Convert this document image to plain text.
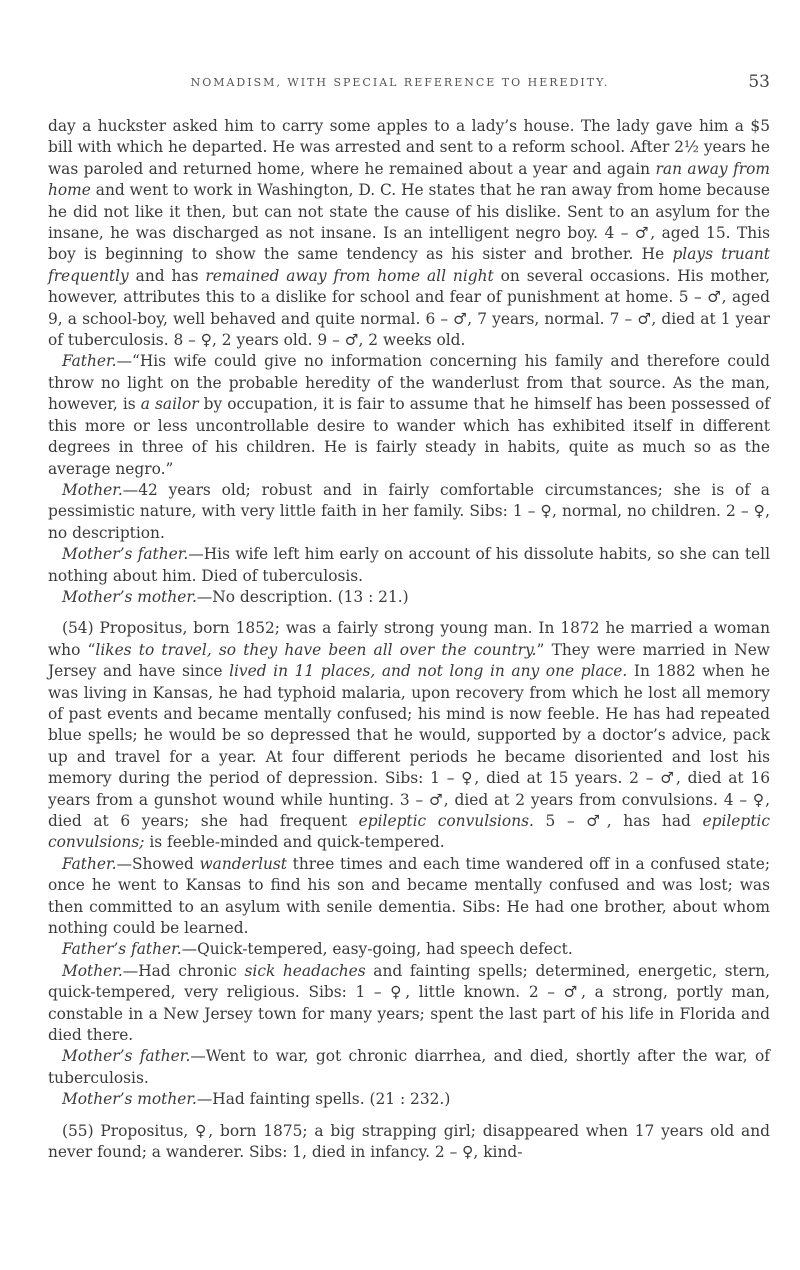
NOMADISM, WITH SPECIAL REFERENCE TO HEREDITY.	53

day a huckster asked him to carry some apples to a lady’s house. The lady gave him a $5 bill with which he departed. He was arrested and sent to a reform school. After 2½ years he was paroled and returned home, where he remained about a year and again ran away from home and went to work in Washington, D. C. He states that he ran away from home because he did not like it then, but can not state the cause of his dislike. Sent to an asylum for the insane, he was discharged as not insane. Is an intelligent negro boy. 4 – ♂, aged 15. This boy is beginning to show the same tendency as his sister and brother. He plays truant frequently and has remained away from home all night on several occasions. His mother, however, attributes this to a dislike for school and fear of punishment at home. 5 – ♂, aged 9, a school-boy, well behaved and quite normal. 6 – ♂, 7 years, normal. 7 – ♂, died at 1 year of tuberculosis. 8 – ♀, 2 years old. 9 – ♂, 2 weeks old.

Father.—“His wife could give no information concerning his family and therefore could throw no light on the probable heredity of the wanderlust from that source. As the man, however, is a sailor by occupation, it is fair to assume that he himself has been possessed of this more or less uncontrollable desire to wander which has exhibited itself in different degrees in three of his children. He is fairly steady in habits, quite as much so as the average negro.”

Mother.—42 years old; robust and in fairly comfortable circumstances; she is of a pessimistic nature, with very little faith in her family. Sibs: 1 – ♀, normal, no children. 2 – ♀, no description.

Mother’s father.—His wife left him early on account of his dissolute habits, so she can tell nothing about him. Died of tuberculosis.

Mother’s mother.—No description. (13 : 21.)

(54) Propositus, born 1852; was a fairly strong young man. In 1872 he married a woman who “likes to travel, so they have been all over the country.” They were married in New Jersey and have since lived in 11 places, and not long in any one place. In 1882 when he was living in Kansas, he had typhoid malaria, upon recovery from which he lost all memory of past events and became mentally confused; his mind is now feeble. He has had repeated blue spells; he would be so depressed that he would, supported by a doctor’s advice, pack up and travel for a year. At four different periods he became disoriented and lost his memory during the period of depression. Sibs: 1 – ♀, died at 15 years. 2 – ♂, died at 16 years from a gunshot wound while hunting. 3 – ♂, died at 2 years from convulsions. 4 – ♀, died at 6 years; she had frequent epileptic convulsions. 5 – ♂, has had epileptic convulsions; is feeble-minded and quick-tempered.

Father.—Showed wanderlust three times and each time wandered off in a confused state; once he went to Kansas to find his son and became mentally confused and was lost; was then committed to an asylum with senile dementia. Sibs: He had one brother, about whom nothing could be learned.

Father’s father.—Quick-tempered, easy-going, had speech defect.

Mother.—Had chronic sick headaches and fainting spells; determined, energetic, stern, quick-tempered, very religious. Sibs: 1 – ♀, little known. 2 – ♂, a strong, portly man, constable in a New Jersey town for many years; spent the last part of his life in Florida and died there.

Mother’s father.—Went to war, got chronic diarrhea, and died, shortly after the war, of tuberculosis.

Mother’s mother.—Had fainting spells. (21 : 232.)

(55) Propositus, ♀, born 1875; a big strapping girl; disappeared when 17 years old and never found; a wanderer. Sibs: 1, died in infancy. 2 – ♀, kind-
